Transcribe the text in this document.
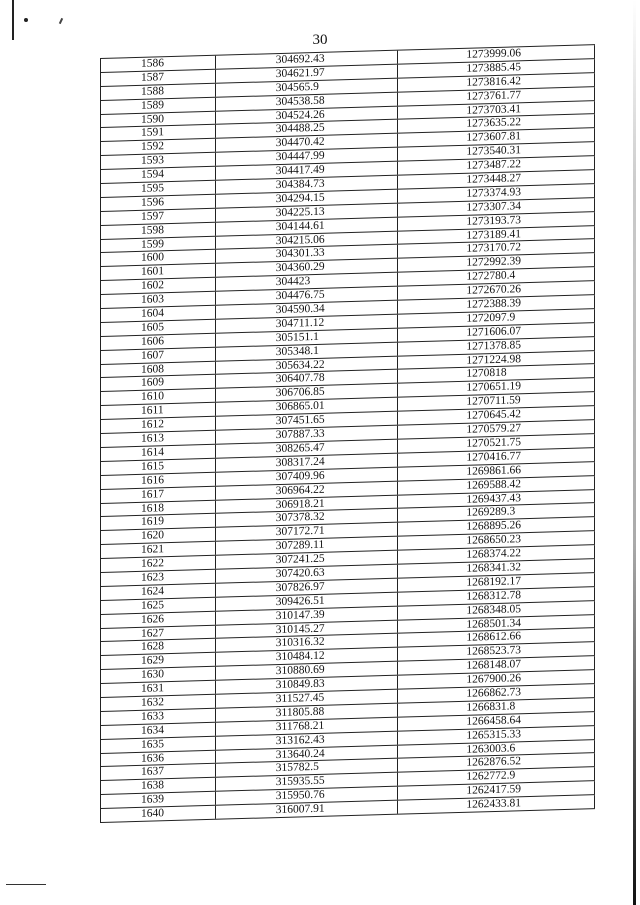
30
1586	304692.43	1273999.06
1587	304621.97	1273885.45
1588	304565.9	1273816.42
1589	304538.58	1273761.77
1590	304524.26	1273703.41
1591	304488.25	1273635.22
1592	304470.42	1273607.81
1593	304447.99	1273540.31
1594	304417.49	1273487.22
1595	304384.73	1273448.27
1596	304294.15	1273374.93
1597	304225.13	1273307.34
1598	304144.61	1273193.73
1599	304215.06	1273189.41
1600	304301.33	1273170.72
1601	304360.29	1272992.39
1602	304423	1272780.4
1603	304476.75	1272670.26
1604	304590.34	1272388.39
1605	304711.12	1272097.9
1606	305151.1	1271606.07
1607	305348.1	1271378.85
1608	305634.22	1271224.98
1609	306407.78	1270818
1610	306706.85	1270651.19
1611	306865.01	1270711.59
1612	307451.65	1270645.42
1613	307887.33	1270579.27
1614	308265.47	1270521.75
1615	308317.24	1270416.77
1616	307409.96	1269861.66
1617	306964.22	1269588.42
1618	306918.21	1269437.43
1619	307378.32	1269289.3
1620	307172.71	1268895.26
1621	307289.11	1268650.23
1622	307241.25	1268374.22
1623	307420.63	1268341.32
1624	307826.97	1268192.17
1625	309426.51	1268312.78
1626	310147.39	1268348.05
1627	310145.27	1268501.34
1628	310316.32	1268612.66
1629	310484.12	1268523.73
1630	310880.69	1268148.07
1631	310849.83	1267900.26
1632	311527.45	1266862.73
1633	311805.88	1266831.8
1634	311768.21	1266458.64
1635	313162.43	1265315.33
1636	313640.24	1263003.6
1637	315782.5	1262876.52
1638	315935.55	1262772.9
1639	315950.76	1262417.59
1640	316007.91	1262433.81
